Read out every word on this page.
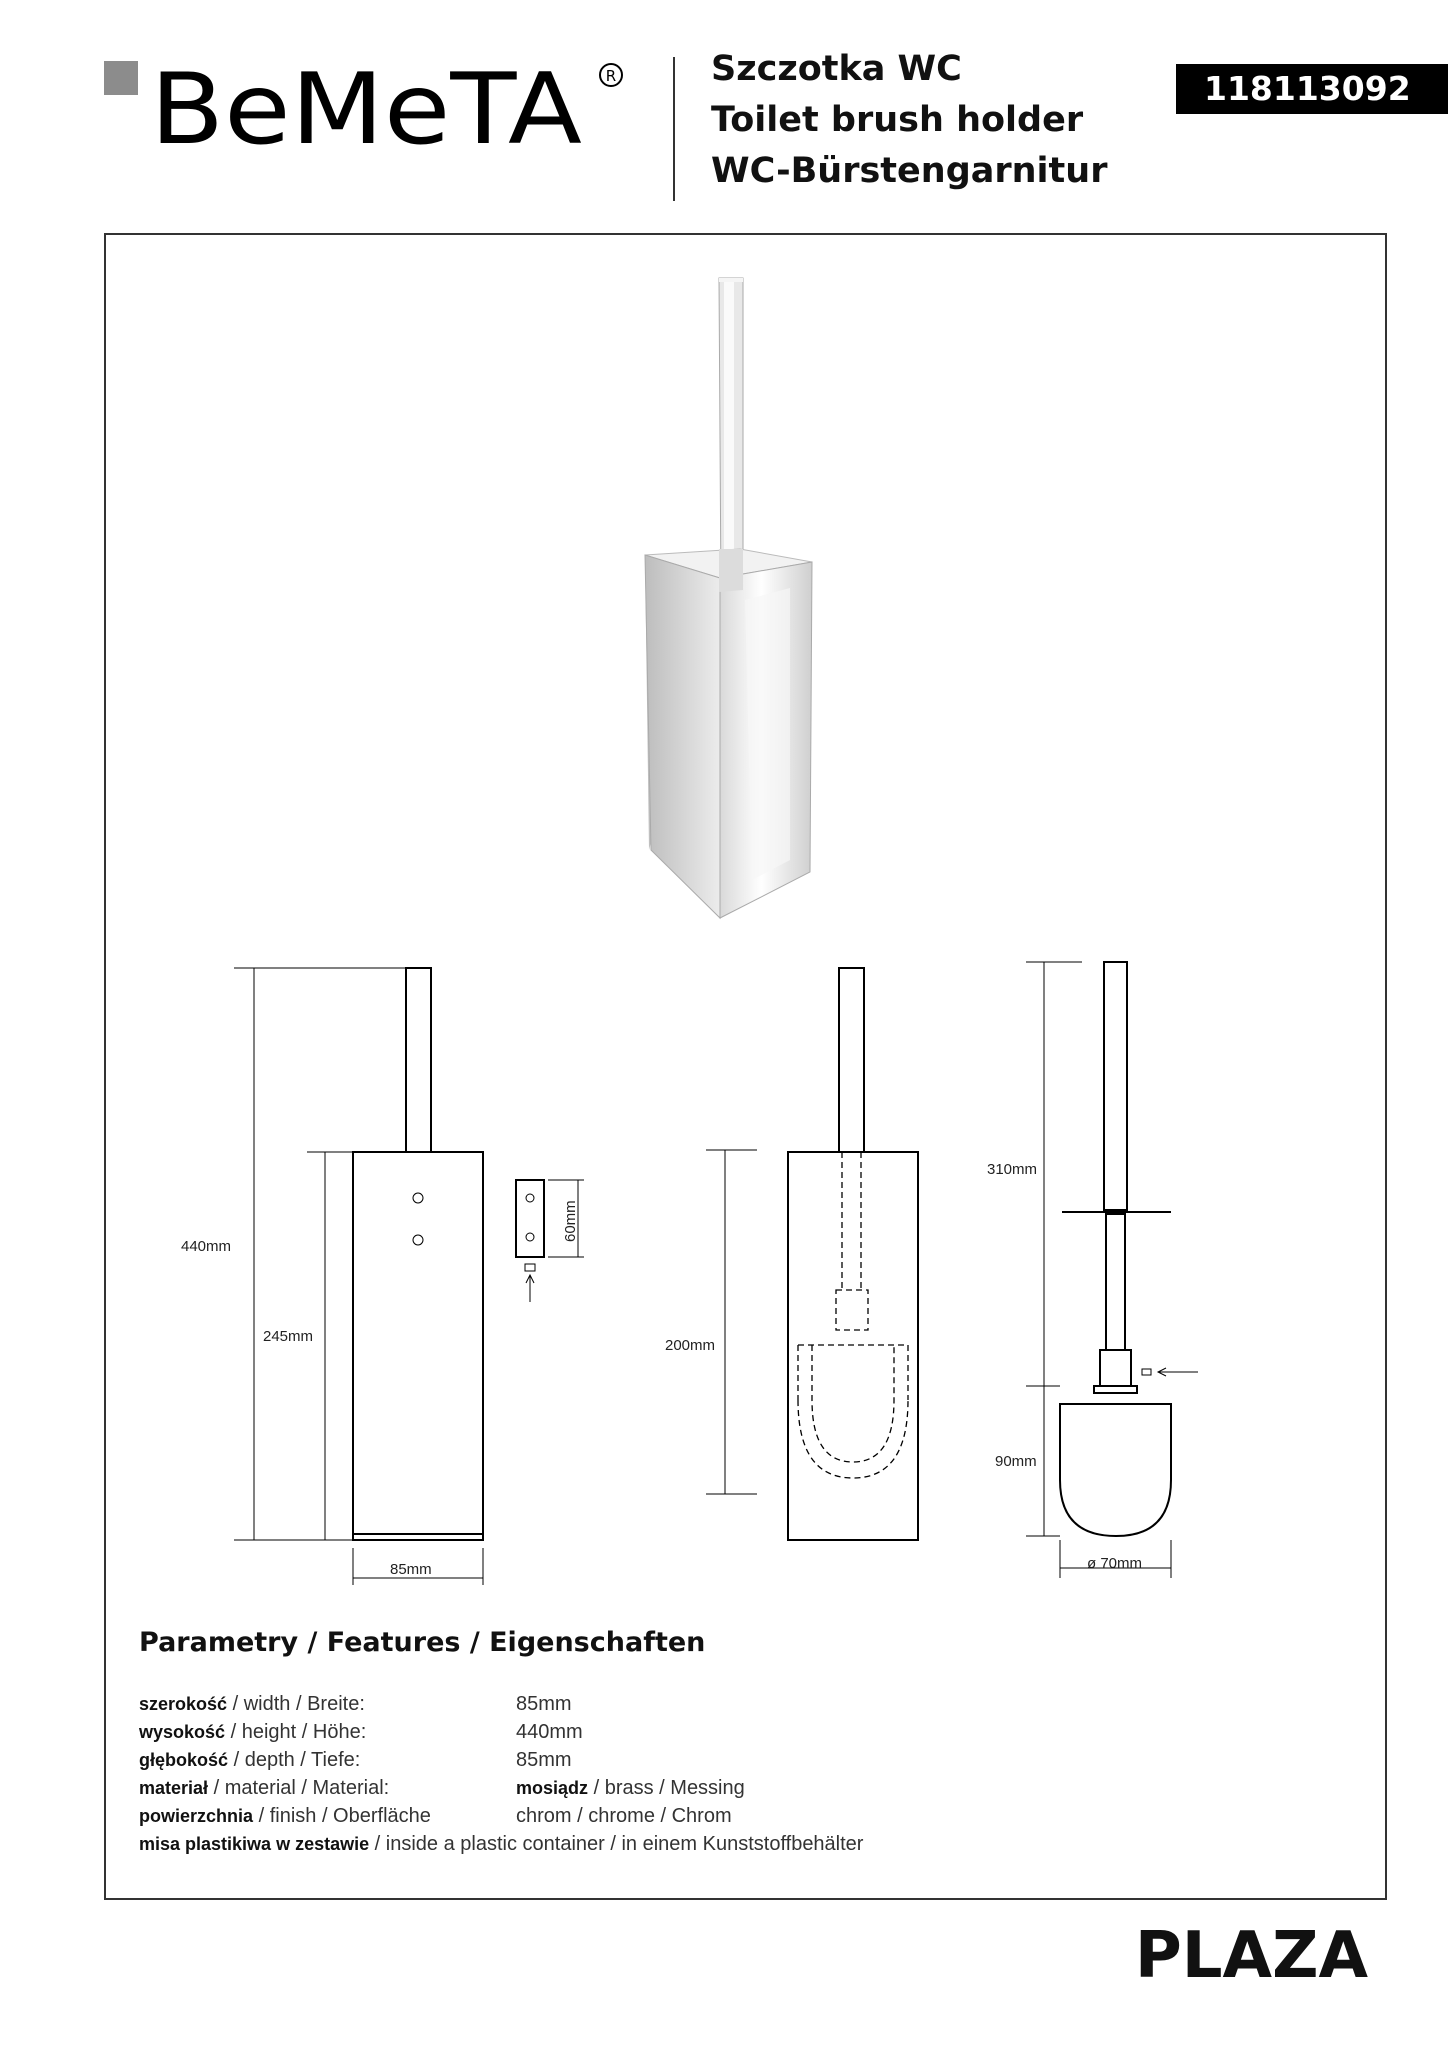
BeMeTA R	Szczotka WC
Toilet brush holder
WC-Bürstengarnitur
118113092
440mm
245mm
85mm
60mm
200mm
310mm
90mm
ø 70mm
Parametry / Features / Eigenschaften
szerokość / width / Breite:	85mm
wysokość / height / Höhe:	440mm
głębokość / depth / Tiefe:	85mm
materiał / material / Material:	mosiądz / brass / Messing
powierzchnia / finish / Oberfläche	chrom / chrome / Chrom
misa plastikiwa w zestawie / inside a plastic container / in einem Kunststoffbehälter
PLAZA
